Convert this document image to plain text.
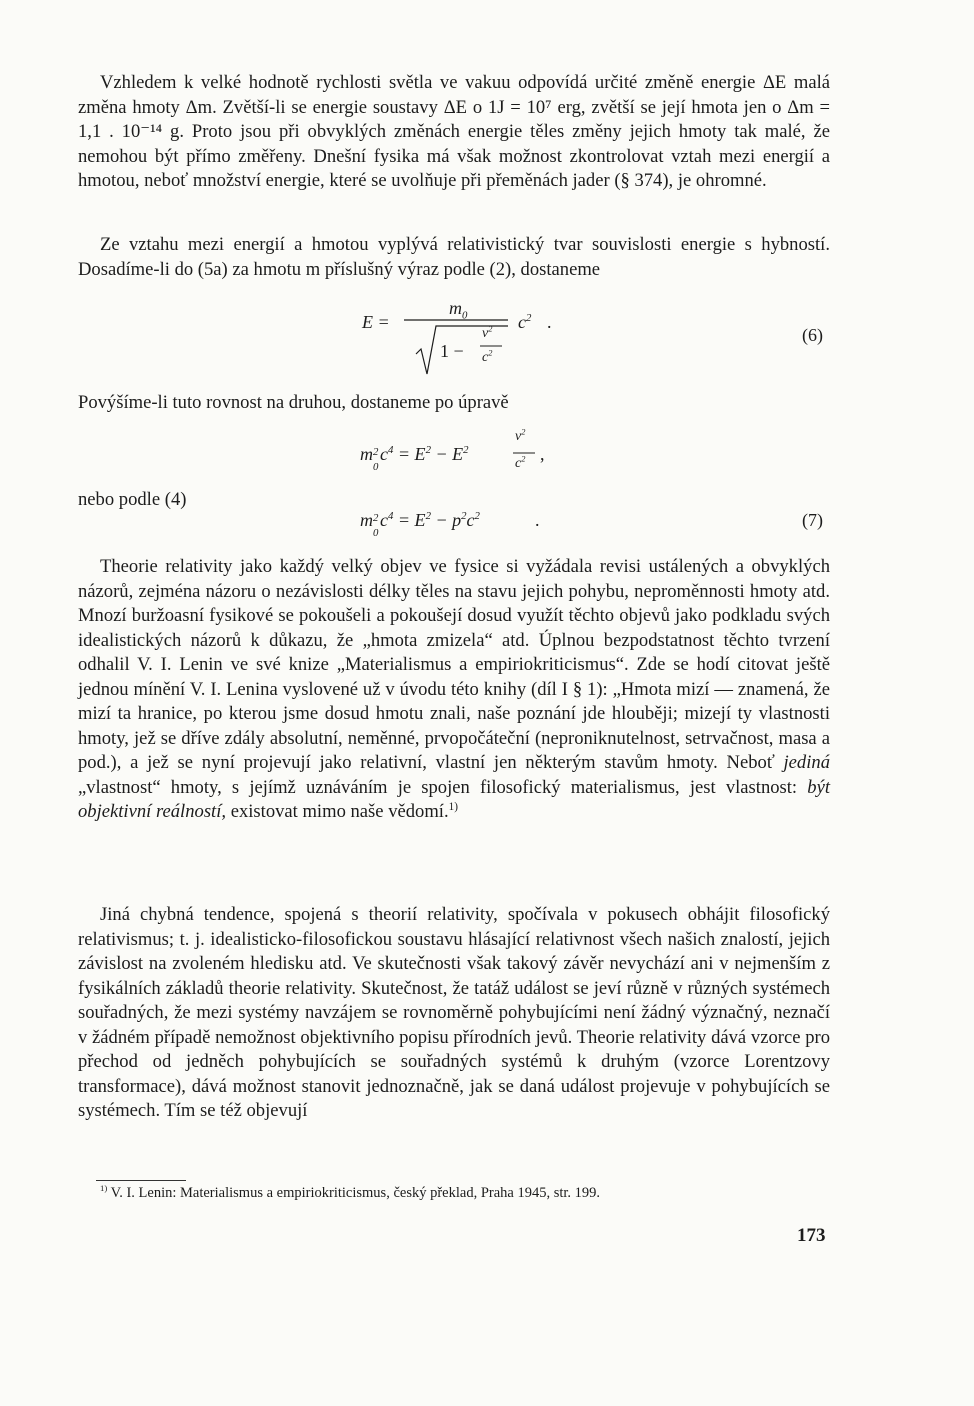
Vzhledem k velké hodnotě rychlosti světla ve vakuu odpovídá určité změně energie ΔE malá změna hmoty Δm. Zvětší-li se energie soustavy ΔE o 1J = 10⁷ erg, zvětší se její hmota jen o Δm = 1,1 . 10⁻¹⁴ g. Proto jsou při obvyklých změnách energie těles změny jejich hmoty tak malé, že nemohou být přímo změřeny. Dnešní fysika má však možnost zkontrolovat vztah mezi energií a hmotou, neboť množství energie, které se uvolňuje při přeměnách jader (§ 374), je ohromné.

Ze vztahu mezi energií a hmotou vyplývá relativistický tvar souvislosti energie s hybností. Dosadíme-li do (5a) za hmotu m příslušný výraz podle (2), dostaneme

E =
$m_0$
1 −
$v^2$
$c^2$
$c^2$ .
(6)

Povýšíme-li tuto rovnost na druhou, dostaneme po úpravě

m 2
0
$c^4 = E^2 - E^2$
$v^2$
$c^2$ ,

nebo podle (4)

m 2
0
$c^4 = E^2 - p^2c^2$	.	(7)

Theorie relativity jako každý velký objev ve fysice si vyžádala revisi ustálených a obvyklých názorů, zejména názoru o nezávislosti délky těles na stavu jejich pohybu, neproměnnosti hmoty atd. Mnozí buržoasní fysikové se pokoušeli a pokoušejí dosud využít těchto objevů jako podkladu svých idealistických názorů k důkazu, že „hmota zmizela“ atd. Úplnou bezpodstatnost těchto tvrzení odhalil V. I. Lenin ve své knize „Materialismus a empiriokriticismus“. Zde se hodí citovat ještě jednou mínění V. I. Lenina vyslovené už v úvodu této knihy (díl I § 1): „Hmota mizí — znamená, že mizí ta hranice, po kterou jsme dosud hmotu znali, naše poznání jde hlouběji; mizejí ty vlastnosti hmoty, jež se dříve zdály absolutní, neměnné, prvopočáteční (neproniknutelnost, setrvačnost, masa a pod.), a jež se nyní projevují jako relativní, vlastní jen některým stavům hmoty. Neboť jediná „vlastnost“ hmoty, s jejímž uznáváním je spojen filosofický materialismus, jest vlastnost: být objektivní reálností, existovat mimo naše vědomí.$^{1)}$

Jiná chybná tendence, spojená s theorií relativity, spočívala v pokusech obhájit filosofický relativismus; t. j. idealisticko-filosofickou soustavu hlásající relativnost všech našich znalostí, jejich závislost na zvoleném hledisku atd. Ve skutečnosti však takový závěr nevychází ani v nejmenším z fysikálních základů theorie relativity. Skutečnost, že tatáž událost se jeví různě v různých systémech souřadných, že mezi systémy navzájem se rovnoměrně pohybujícími není žádný význačný, neznačí v žádném případě nemožnost objektivního popisu přírodních jevů. Theorie relativity dává vzorce pro přechod od jedněch pohybujících se souřadných systémů k druhým (vzorce Lorentzovy transformace), dává možnost stanovit jednoznačně, jak se daná událost projevuje v pohybujících se systémech. Tím se též objevují

$^{1)}$ V. I. Lenin: Materialismus a empiriokriticismus, český překlad, Praha 1945, str. 199.

173
